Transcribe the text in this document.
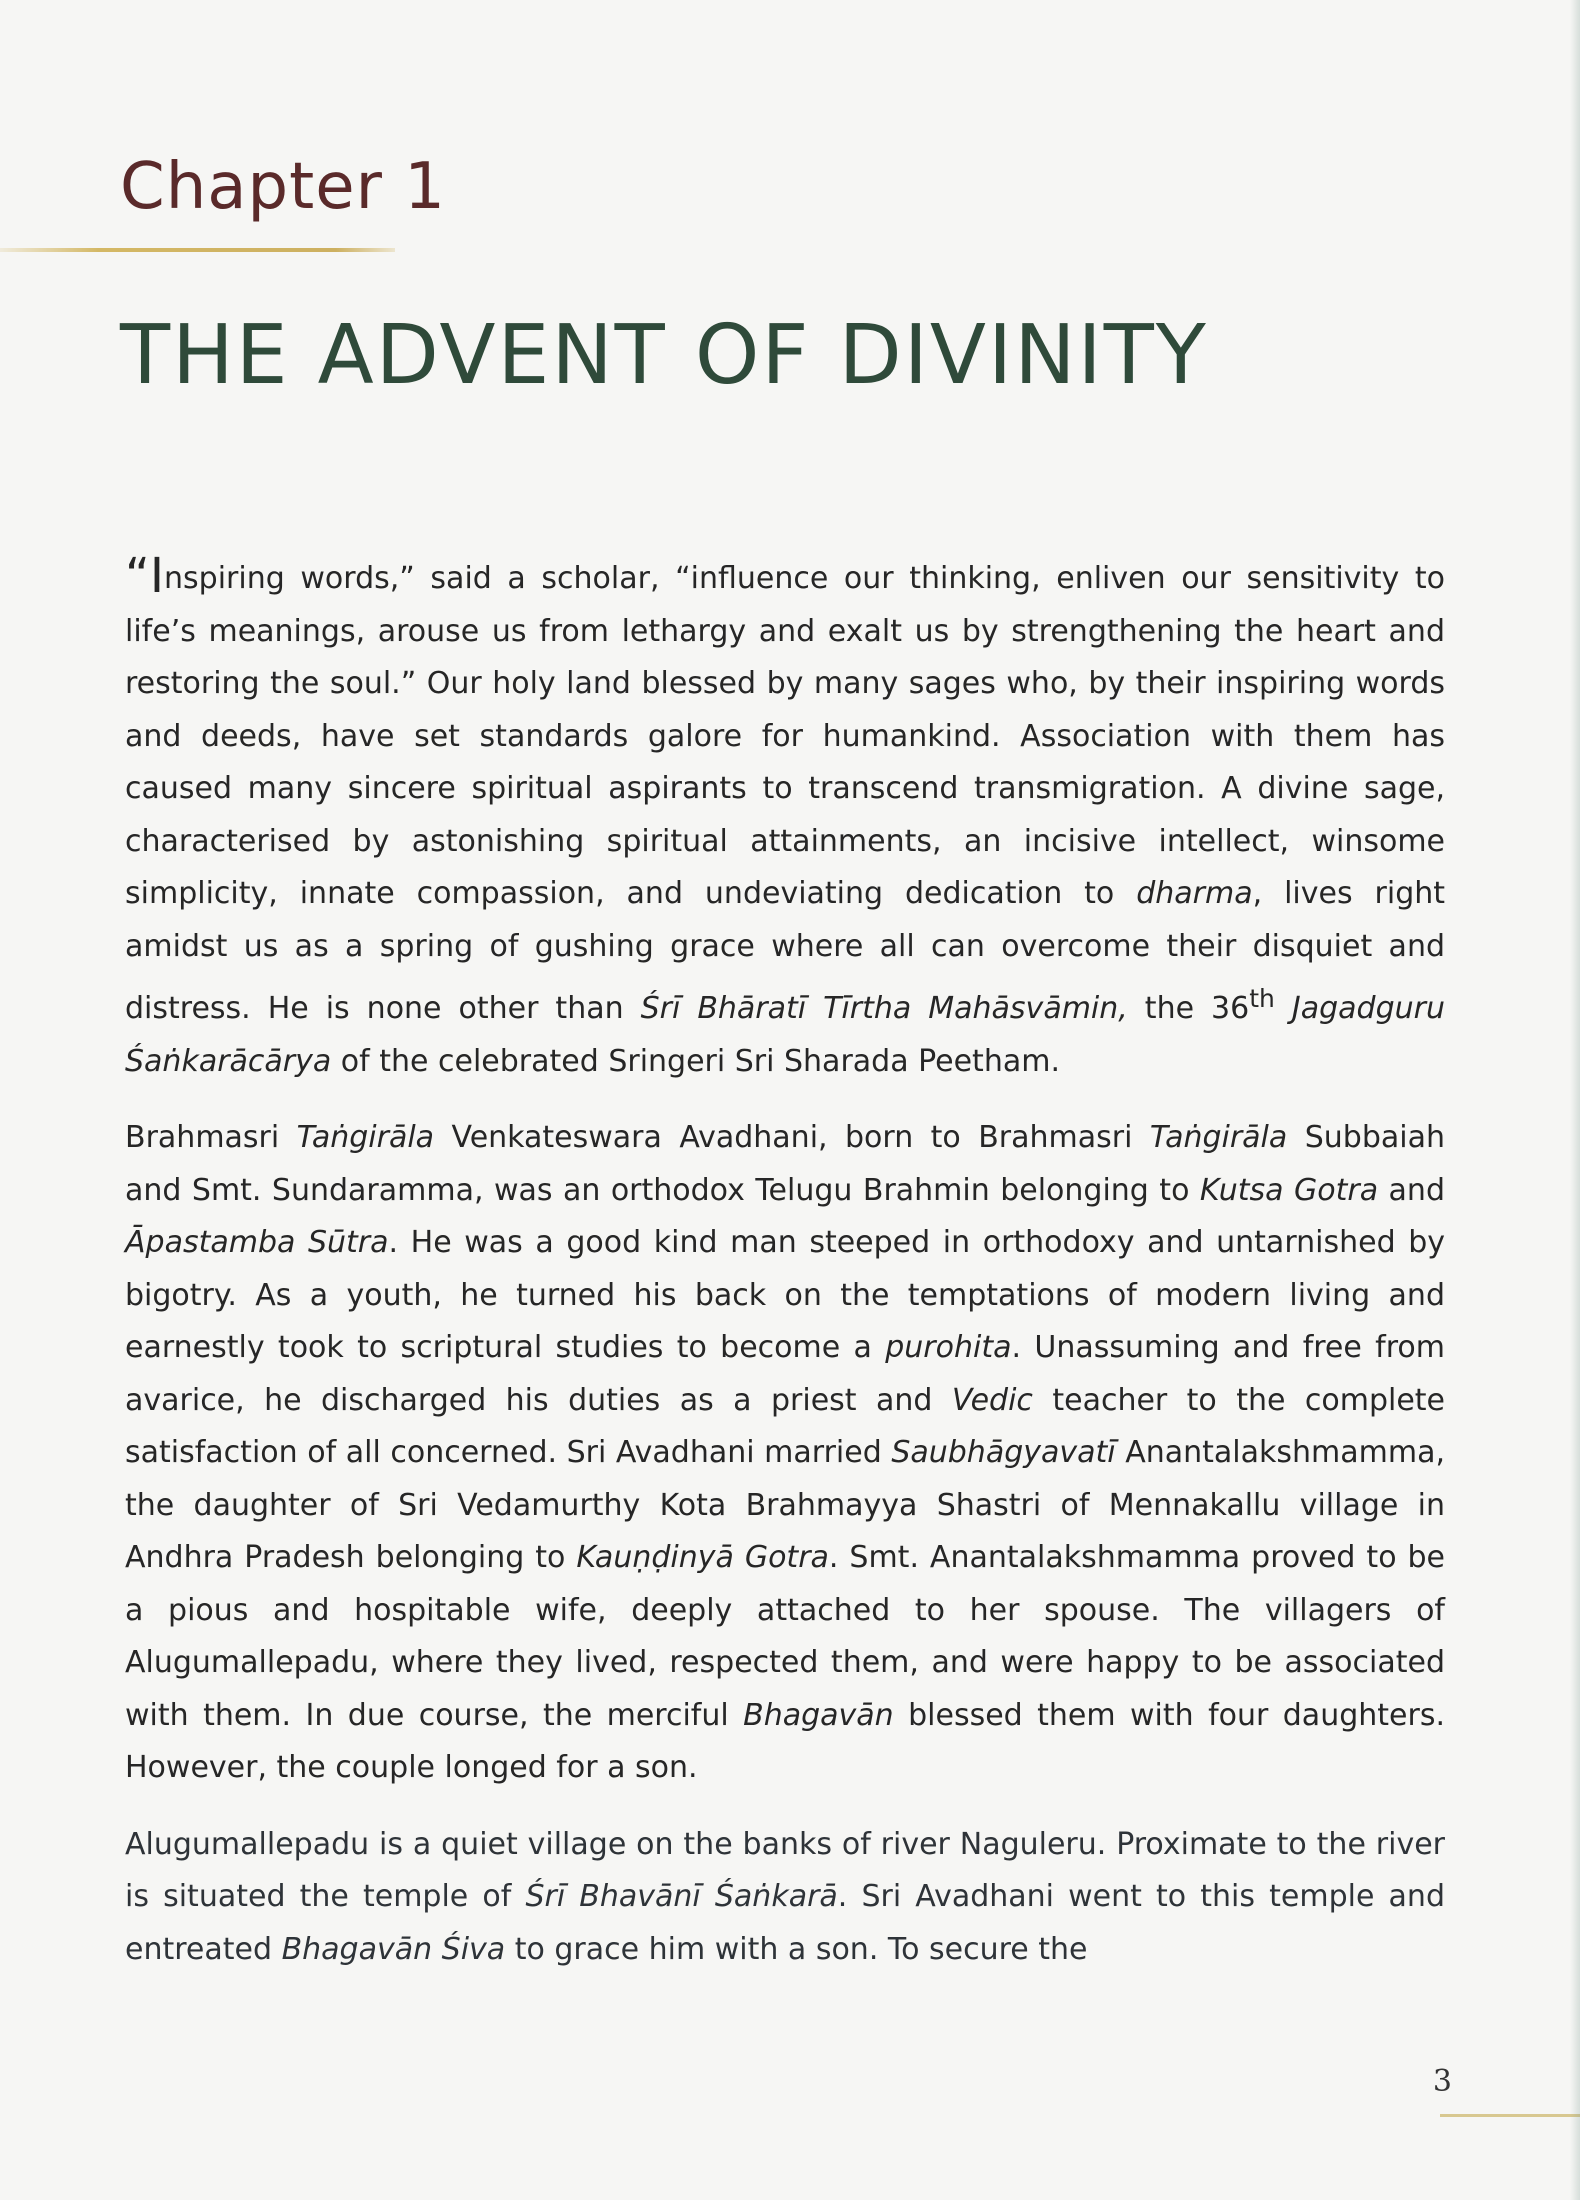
Chapter 1
THE ADVENT OF DIVINITY

“Inspiring words,” said a scholar, “influence our thinking, enliven our sensitivity to life’s meanings, arouse us from lethargy and exalt us by strengthening the heart and restoring the soul.” Our holy land blessed by many sages who, by their inspiring words and deeds, have set standards galore for humankind. Association with them has caused many sincere spiritual aspirants to transcend transmigration. A divine sage, characterised by astonishing spiritual attainments, an incisive intellect, winsome simplicity, innate compassion, and undeviating dedication to dharma, lives right amidst us as a spring of gushing grace where all can overcome their disquiet and distress. He is none other than Śrī Bhāratī Tīrtha Mahāsvāmin, the 36th Jagadguru Śaṅkarācārya of the celebrated Sringeri Sri Sharada Peetham.

Brahmasri Taṅgirāla Venkateswara Avadhani, born to Brahmasri Taṅgirāla Subbaiah and Smt. Sundaramma, was an orthodox Telugu Brahmin belonging to Kutsa Gotra and Āpastamba Sūtra. He was a good kind man steeped in orthodoxy and untarnished by bigotry. As a youth, he turned his back on the temptations of modern living and earnestly took to scriptural studies to become a purohita. Unassuming and free from avarice, he discharged his duties as a priest and Vedic teacher to the complete satisfaction of all concerned. Sri Avadhani married Saubhāgyavatī Anantalakshmamma, the daughter of Sri Vedamurthy Kota Brahmayya Shastri of Mennakallu village in Andhra Pradesh belonging to Kauṇḍinyā Gotra. Smt. Anantalakshmamma proved to be a pious and hospitable wife, deeply attached to her spouse. The villagers of Alugumallepadu, where they lived, respected them, and were happy to be associated with them. In due course, the merciful Bhagavān blessed them with four daughters. However, the couple longed for a son.

Alugumallepadu is a quiet village on the banks of river Naguleru. Proximate to the river is situated the temple of Śrī Bhavānī Śaṅkarā. Sri Avadhani went to this temple and entreated Bhagavān Śiva to grace him with a son. To secure the

3
